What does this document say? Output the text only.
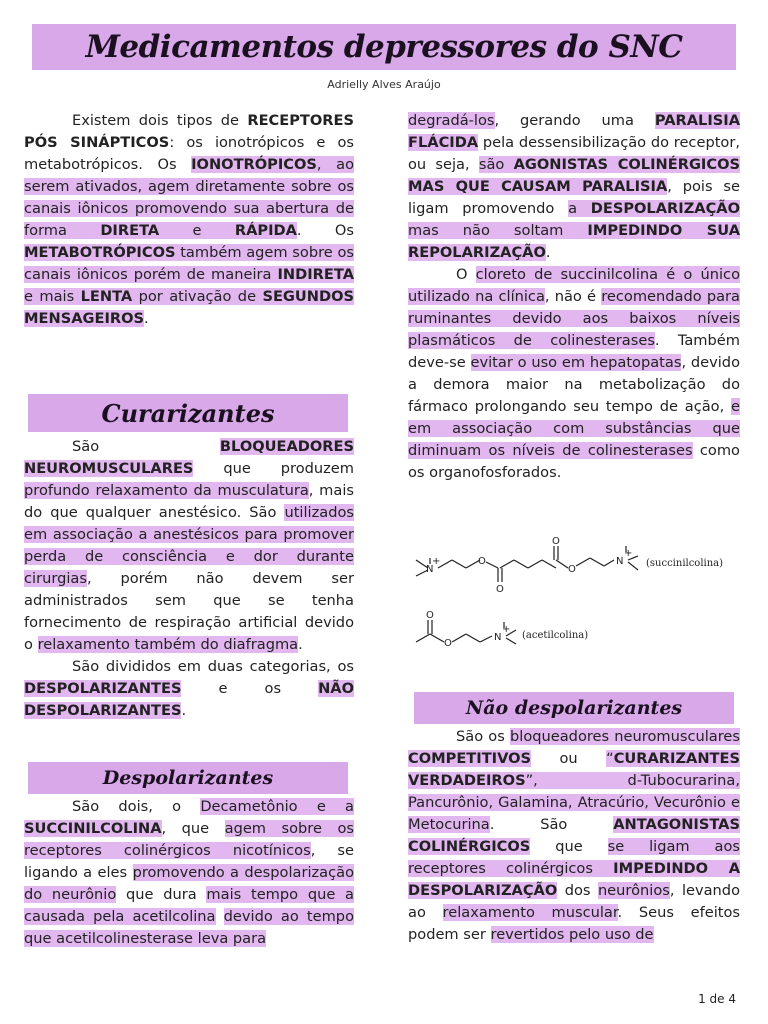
Medicamentos depressores do SNC
Adrielly Alves Araújo

Existem dois tipos de RECEPTORES PÓS SINÁPTICOS: os ionotrópicos e os metabotrópicos. Os IONOTRÓPICOS, ao serem ativados, agem diretamente sobre os canais iônicos promovendo sua abertura de forma DIRETA e RÁPIDA. Os METABOTRÓPICOS também agem sobre os canais iônicos porém de maneira INDIRETA e mais LENTA por ativação de SEGUNDOS MENSAGEIROS.

Curarizantes

São BLOQUEADORES NEUROMUSCULARES que produzem profundo relaxamento da musculatura, mais do que qualquer anestésico. São utilizados em associação a anestésicos para promover perda de consciência e dor durante cirurgias, porém não devem ser administrados sem que se tenha fornecimento de respiração artificial devido o relaxamento também do diafragma.

São divididos em duas categorias, os DESPOLARIZANTES e os NÃO DESPOLARIZANTES.

Despolarizantes

São dois, o Decametônio e a SUCCINILCOLINA, que agem sobre os receptores colinérgicos nicotínicos, se ligando a eles promovendo a despolarização do neurônio que dura mais tempo que a causada pela acetilcolina devido ao tempo que acetilcolinesterase leva para

degradá-los, gerando uma PARALISIA FLÁCIDA pela dessensibilização do receptor, ou seja, são AGONISTAS COLINÉRGICOS MAS QUE CAUSAM PARALISIA, pois se ligam promovendo a DESPOLARIZAÇÃO mas não soltam IMPEDINDO SUA REPOLARIZAÇÃO.

O cloreto de succinilcolina é o único utilizado na clínica, não é recomendado para ruminantes devido aos baixos níveis plasmáticos de colinesterases. Também deve-se evitar o uso em hepatopatas, devido a demora maior na metabolização do fármaco prolongando seu tempo de ação, e em associação com substâncias que diminuam os níveis de colinesterases como os organofosforados.

N
+	O
O
O
O
N
+
(succinilcolina)
O
O
N
+
(acetilcolina)
Não despolarizantes

São os bloqueadores neuromusculares COMPETITIVOS ou “CURARIZANTES VERDADEIROS”, d-Tubocurarina, Pancurônio, Galamina, Atracúrio, Vecurônio e Metocurina. São ANTAGONISTAS COLINÉRGICOS que se ligam aos receptores colinérgicos IMPEDINDO A DESPOLARIZAÇÃO dos neurônios, levando ao relaxamento muscular. Seus efeitos podem ser revertidos pelo uso de

1 de 4
